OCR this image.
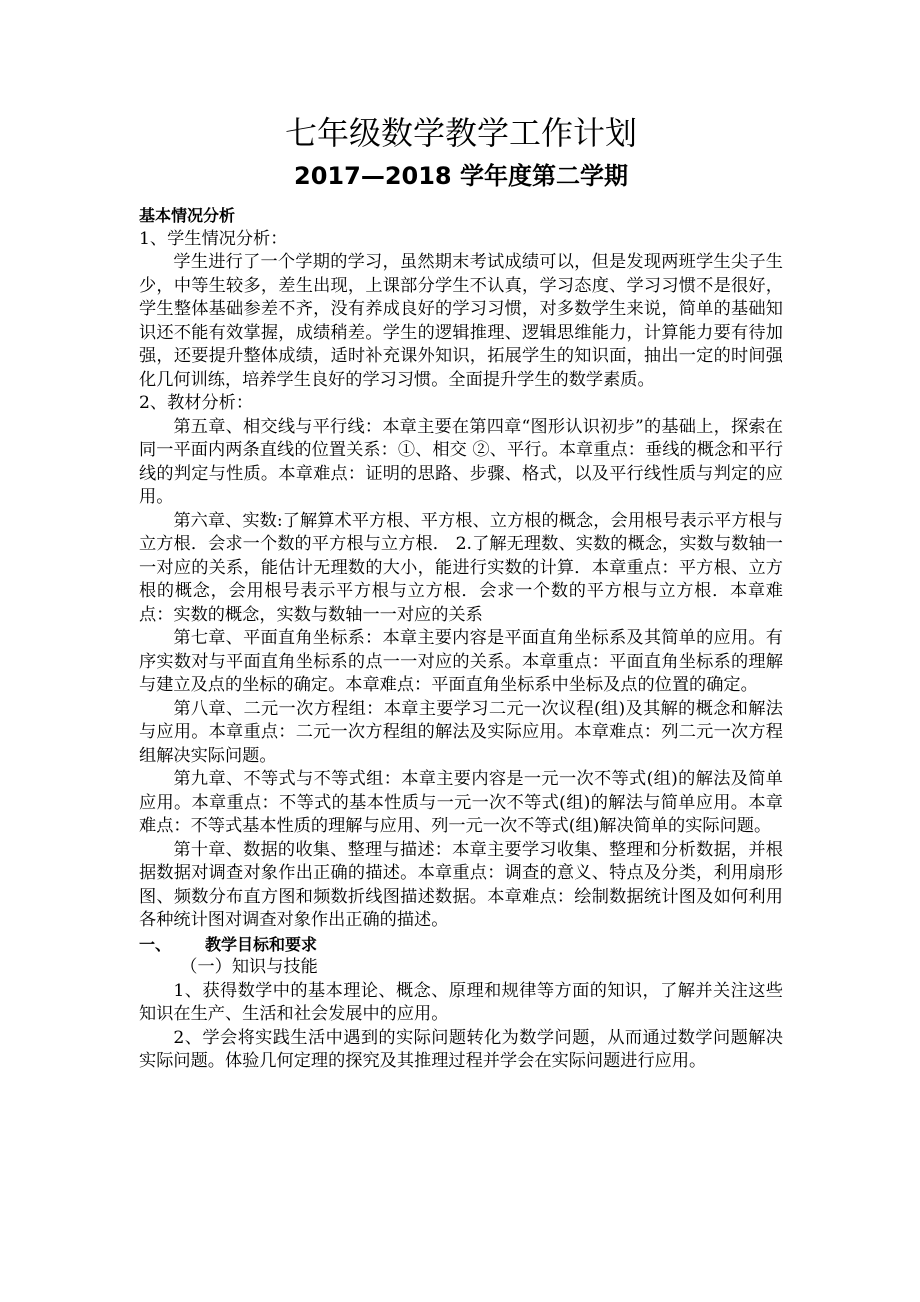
七年级数学教学工作计划
2017—2018 学年度第二学期

基本情况分析

1、学生情况分析：

学生进行了一个学期的学习，虽然期末考试成绩可以，但是发现两班学生尖子生少，中等生较多，差生出现，上课部分学生不认真，学习态度、学习习惯不是很好，学生整体基础参差不齐，没有养成良好的学习习惯，对多数学生来说，简单的基础知识还不能有效掌握，成绩稍差。学生的逻辑推理、逻辑思维能力，计算能力要有待加强，还要提升整体成绩，适时补充课外知识，拓展学生的知识面，抽出一定的时间强化几何训练，培养学生良好的学习习惯。全面提升学生的数学素质。

2、教材分析：

第五章、相交线与平行线：本章主要在第四章“图形认识初步”的基础上，探索在同一平面内两条直线的位置关系：①、相交 ②、平行。本章重点：垂线的概念和平行线的判定与性质。本章难点：证明的思路、步骤、格式，以及平行线性质与判定的应用。

第六章、实数:了解算术平方根、平方根、立方根的概念，会用根号表示平方根与立方根．会求一个数的平方根与立方根． 2.了解无理数、实数的概念，实数与数轴一一对应的关系，能估计无理数的大小，能进行实数的计算．本章重点：平方根、立方根的概念，会用根号表示平方根与立方根．会求一个数的平方根与立方根．本章难点：实数的概念，实数与数轴一一对应的关系

第七章、平面直角坐标系：本章主要内容是平面直角坐标系及其简单的应用。有序实数对与平面直角坐标系的点一一对应的关系。本章重点：平面直角坐标系的理解与建立及点的坐标的确定。本章难点：平面直角坐标系中坐标及点的位置的确定。

第八章、二元一次方程组：本章主要学习二元一次议程(组)及其解的概念和解法与应用。本章重点：二元一次方程组的解法及实际应用。本章难点：列二元一次方程组解决实际问题。

第九章、不等式与不等式组：本章主要内容是一元一次不等式(组)的解法及简单应用。本章重点：不等式的基本性质与一元一次不等式(组)的解法与简单应用。本章难点：不等式基本性质的理解与应用、列一元一次不等式(组)解决简单的实际问题。

第十章、数据的收集、整理与描述：本章主要学习收集、整理和分析数据，并根据数据对调查对象作出正确的描述。本章重点：调查的意义、特点及分类，利用扇形图、频数分布直方图和频数折线图描述数据。本章难点：绘制数据统计图及如何利用各种统计图对调查对象作出正确的描述。

一、 教学目标和要求

（一）知识与技能

1、获得数学中的基本理论、概念、原理和规律等方面的知识，了解并关注这些知识在生产、生活和社会发展中的应用。

2、学会将实践生活中遇到的实际问题转化为数学问题，从而通过数学问题解决实际问题。体验几何定理的探究及其推理过程并学会在实际问题进行应用。
